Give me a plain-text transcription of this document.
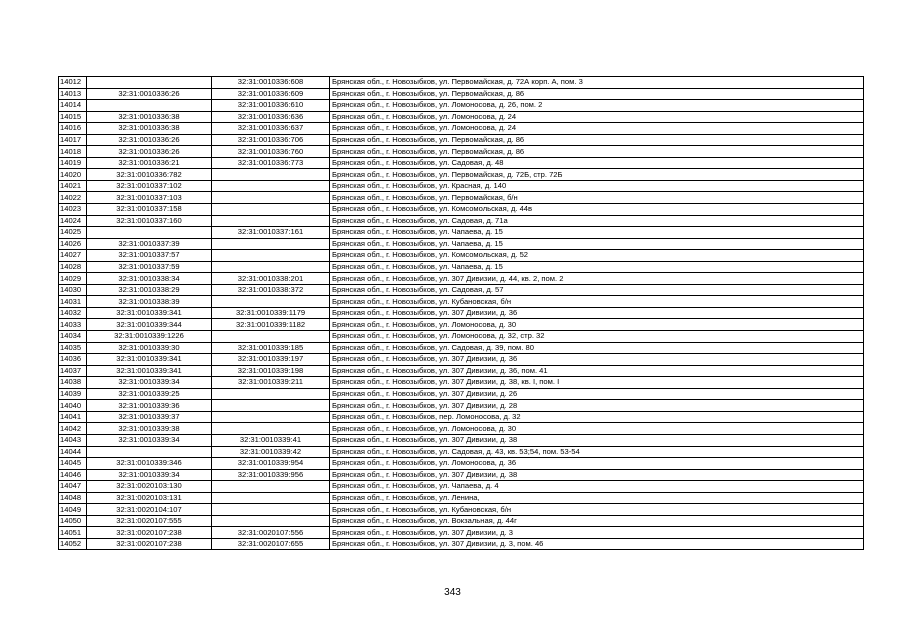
14012		32:31:0010336:608	Брянская обл., г. Новозыбков, ул. Первомайская, д. 72А корп. А, пом. 3
14013	32:31:0010336:26	32:31:0010336:609	Брянская обл., г. Новозыбков, ул. Первомайская, д. 86
14014		32:31:0010336:610	Брянская обл., г. Новозыбков, ул. Ломоносова, д. 26, пом. 2
14015	32:31:0010336:38	32:31:0010336:636	Брянская обл., г. Новозыбков, ул. Ломоносова, д. 24
14016	32:31:0010336:38	32:31:0010336:637	Брянская обл., г. Новозыбков, ул. Ломоносова, д. 24
14017	32:31:0010336:26	32:31:0010336:706	Брянская обл., г. Новозыбков, ул. Первомайская, д. 86
14018	32:31:0010336:26	32:31:0010336:760	Брянская обл., г. Новозыбков, ул. Первомайская, д. 86
14019	32:31:0010336:21	32:31:0010336:773	Брянская обл., г. Новозыбков, ул. Садовая, д. 48
14020	32:31:0010336:782		Брянская обл., г. Новозыбков, ул. Первомайская, д. 72Б, стр. 72Б
14021	32:31:0010337:102		Брянская обл., г. Новозыбков, ул. Красная, д. 140
14022	32:31:0010337:103		Брянская обл., г. Новозыбков, ул. Первомайская, б/н
14023	32:31:0010337:158		Брянская обл., г. Новозыбков, ул. Комсомольская, д. 44в
14024	32:31:0010337:160		Брянская обл., г. Новозыбков, ул. Садовая, д. 71а
14025		32:31:0010337:161	Брянская обл., г. Новозыбков, ул. Чапаева, д. 15
14026	32:31:0010337:39		Брянская обл., г. Новозыбков, ул. Чапаева, д. 15
14027	32:31:0010337:57		Брянская обл., г. Новозыбков, ул. Комсомольская, д. 52
14028	32:31:0010337:59		Брянская обл., г. Новозыбков, ул. Чапаева, д. 15
14029	32:31:0010338:34	32:31:0010338:201	Брянская обл., г. Новозыбков, ул. 307 Дивизии, д. 44, кв. 2, пом. 2
14030	32:31:0010338:29	32:31:0010338:372	Брянская обл., г. Новозыбков, ул. Садовая, д. 57
14031	32:31:0010338:39		Брянская обл., г. Новозыбков, ул. Кубановская, б/н
14032	32:31:0010339:341	32:31:0010339:1179	Брянская обл., г. Новозыбков, ул. 307 Дивизии, д. 36
14033	32:31:0010339:344	32:31:0010339:1182	Брянская обл., г. Новозыбков, ул. Ломоносова, д. 30
14034	32:31:0010339:1226		Брянская обл., г. Новозыбков, ул. Ломоносова, д. 32, стр. 32
14035	32:31:0010339:30	32:31:0010339:185	Брянская обл., г. Новозыбков, ул. Садовая, д. 39, пом. 80
14036	32:31:0010339:341	32:31:0010339:197	Брянская обл., г. Новозыбков, ул. 307 Дивизии, д. 36
14037	32:31:0010339:341	32:31:0010339:198	Брянская обл., г. Новозыбков, ул. 307 Дивизии, д. 36, пом. 41
14038	32:31:0010339:34	32:31:0010339:211	Брянская обл., г. Новозыбков, ул. 307 Дивизии, д. 38, кв. I, пом. I
14039	32:31:0010339:25		Брянская обл., г. Новозыбков, ул. 307 Дивизии, д. 26
14040	32:31:0010339:36		Брянская обл., г. Новозыбков, ул. 307 Дивизии, д. 28
14041	32:31:0010339:37		Брянская обл., г. Новозыбков, пер. Ломоносова, д. 32
14042	32:31:0010339:38		Брянская обл., г. Новозыбков, ул. Ломоносова, д. 30
14043	32:31:0010339:34	32:31:0010339:41	Брянская обл., г. Новозыбков, ул. 307 Дивизии, д. 38
14044		32:31:0010339:42	Брянская обл., г. Новозыбков, ул. Садовая, д. 43, кв. 53;54, пом. 53-54
14045	32:31:0010339:346	32:31:0010339:954	Брянская обл., г. Новозыбков, ул. Ломоносова, д. 36
14046	32:31:0010339:34	32:31:0010339:956	Брянская обл., г. Новозыбков, ул. 307 Дивизии, д. 38
14047	32:31:0020103:130		Брянская обл., г. Новозыбков, ул. Чапаева, д. 4
14048	32:31:0020103:131		Брянская обл., г. Новозыбков, ул. Ленина,
14049	32:31:0020104:107		Брянская обл., г. Новозыбков, ул. Кубановская, б/н
14050	32:31:0020107:555		Брянская обл., г. Новозыбков, ул. Вокзальная, д. 44г
14051	32:31:0020107:238	32:31:0020107:556	Брянская обл., г. Новозыбков, ул. 307 Дивизии, д. 3
14052	32:31:0020107:238	32:31:0020107:655	Брянская обл., г. Новозыбков, ул. 307 Дивизии, д. 3, пом. 46
343
